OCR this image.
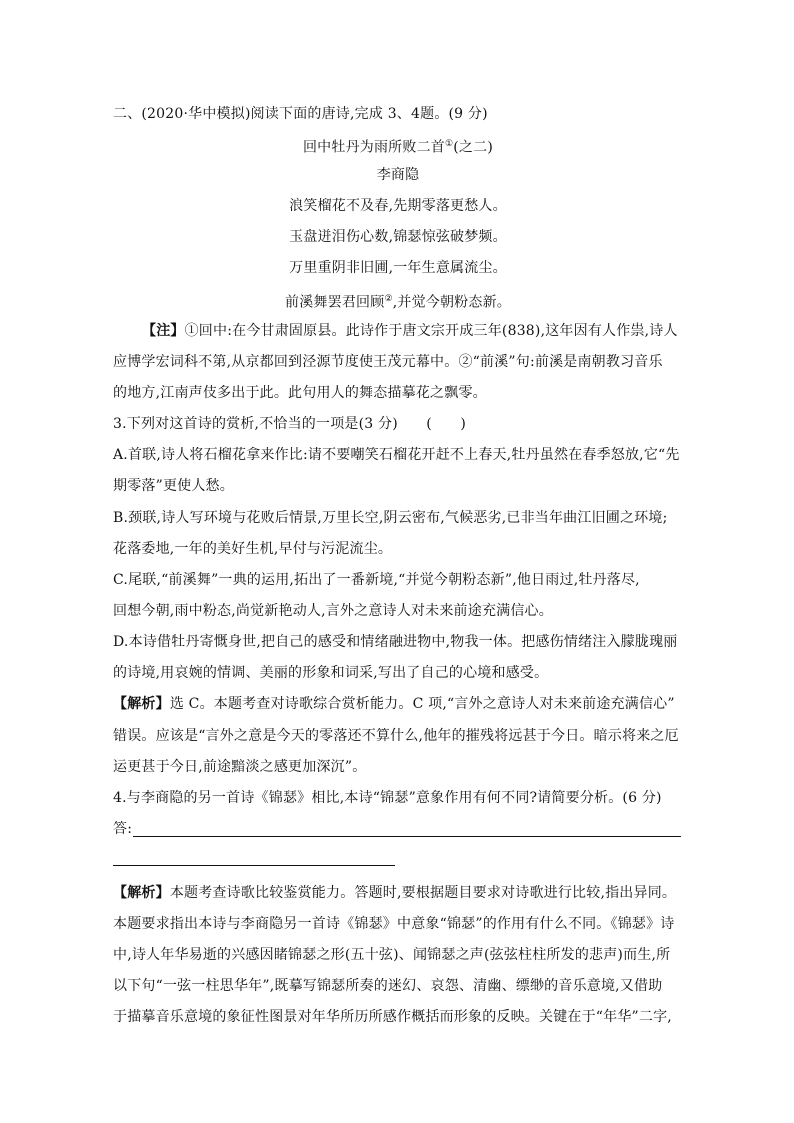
二、(2020·华中模拟)阅读下面的唐诗,完成 3、4题。(9 分)
回中牡丹为雨所败二首①(之二)
李商隐
浪笑榴花不及春,先期零落更愁人。
玉盘迸泪伤心数,锦瑟惊弦破梦频。
万里重阴非旧圃,一年生意属流尘。
前溪舞罢君回顾②,并觉今朝粉态新。
【注】①回中:在今甘肃固原县。此诗作于唐文宗开成三年(838),这年因有人作祟,诗人
应博学宏词科不第,从京都回到泾源节度使王茂元幕中。②“前溪”句:前溪是南朝教习音乐
的地方,江南声伎多出于此。此句用人的舞态描摹花之飘零。
3.下列对这首诗的赏析,不恰当的一项是(3 分)　　(　　)
A.首联,诗人将石榴花拿来作比:请不要嘲笑石榴花开赶不上春天,牡丹虽然在春季怒放,它“先
期零落”更使人愁。
B.颈联,诗人写环境与花败后情景,万里长空,阴云密布,气候恶劣,已非当年曲江旧圃之环境;
花落委地,一年的美好生机,早付与污泥流尘。
C.尾联,“前溪舞”一典的运用,拓出了一番新境,“并觉今朝粉态新”,他日雨过,牡丹落尽,
回想今朝,雨中粉态,尚觉新艳动人,言外之意诗人对未来前途充满信心。
D.本诗借牡丹寄慨身世,把自己的感受和情绪融进物中,物我一体。把感伤情绪注入朦胧瑰丽
的诗境,用哀婉的情调、美丽的形象和词采,写出了自己的心境和感受。
【解析】选 C。本题考查对诗歌综合赏析能力。C 项,“言外之意诗人对未来前途充满信心”
错误。应该是“言外之意是今天的零落还不算什么,他年的摧残将远甚于今日。暗示将来之厄
运更甚于今日,前途黯淡之感更加深沉”。
4.与李商隐的另一首诗《锦瑟》相比,本诗“锦瑟”意象作用有何不同?请简要分析。(6 分)
答:
【解析】本题考查诗歌比较鉴赏能力。答题时,要根据题目要求对诗歌进行比较,指出异同。
本题要求指出本诗与李商隐另一首诗《锦瑟》中意象“锦瑟”的作用有什么不同。《锦瑟》诗
中,诗人年华易逝的兴感因睹锦瑟之形(五十弦)、闻锦瑟之声(弦弦柱柱所发的悲声)而生,所
以下句“一弦一柱思华年”,既摹写锦瑟所奏的迷幻、哀怨、清幽、缥缈的音乐意境,又借助
于描摹音乐意境的象征性图景对年华所历所感作概括而形象的反映。关键在于“年华”二字,
